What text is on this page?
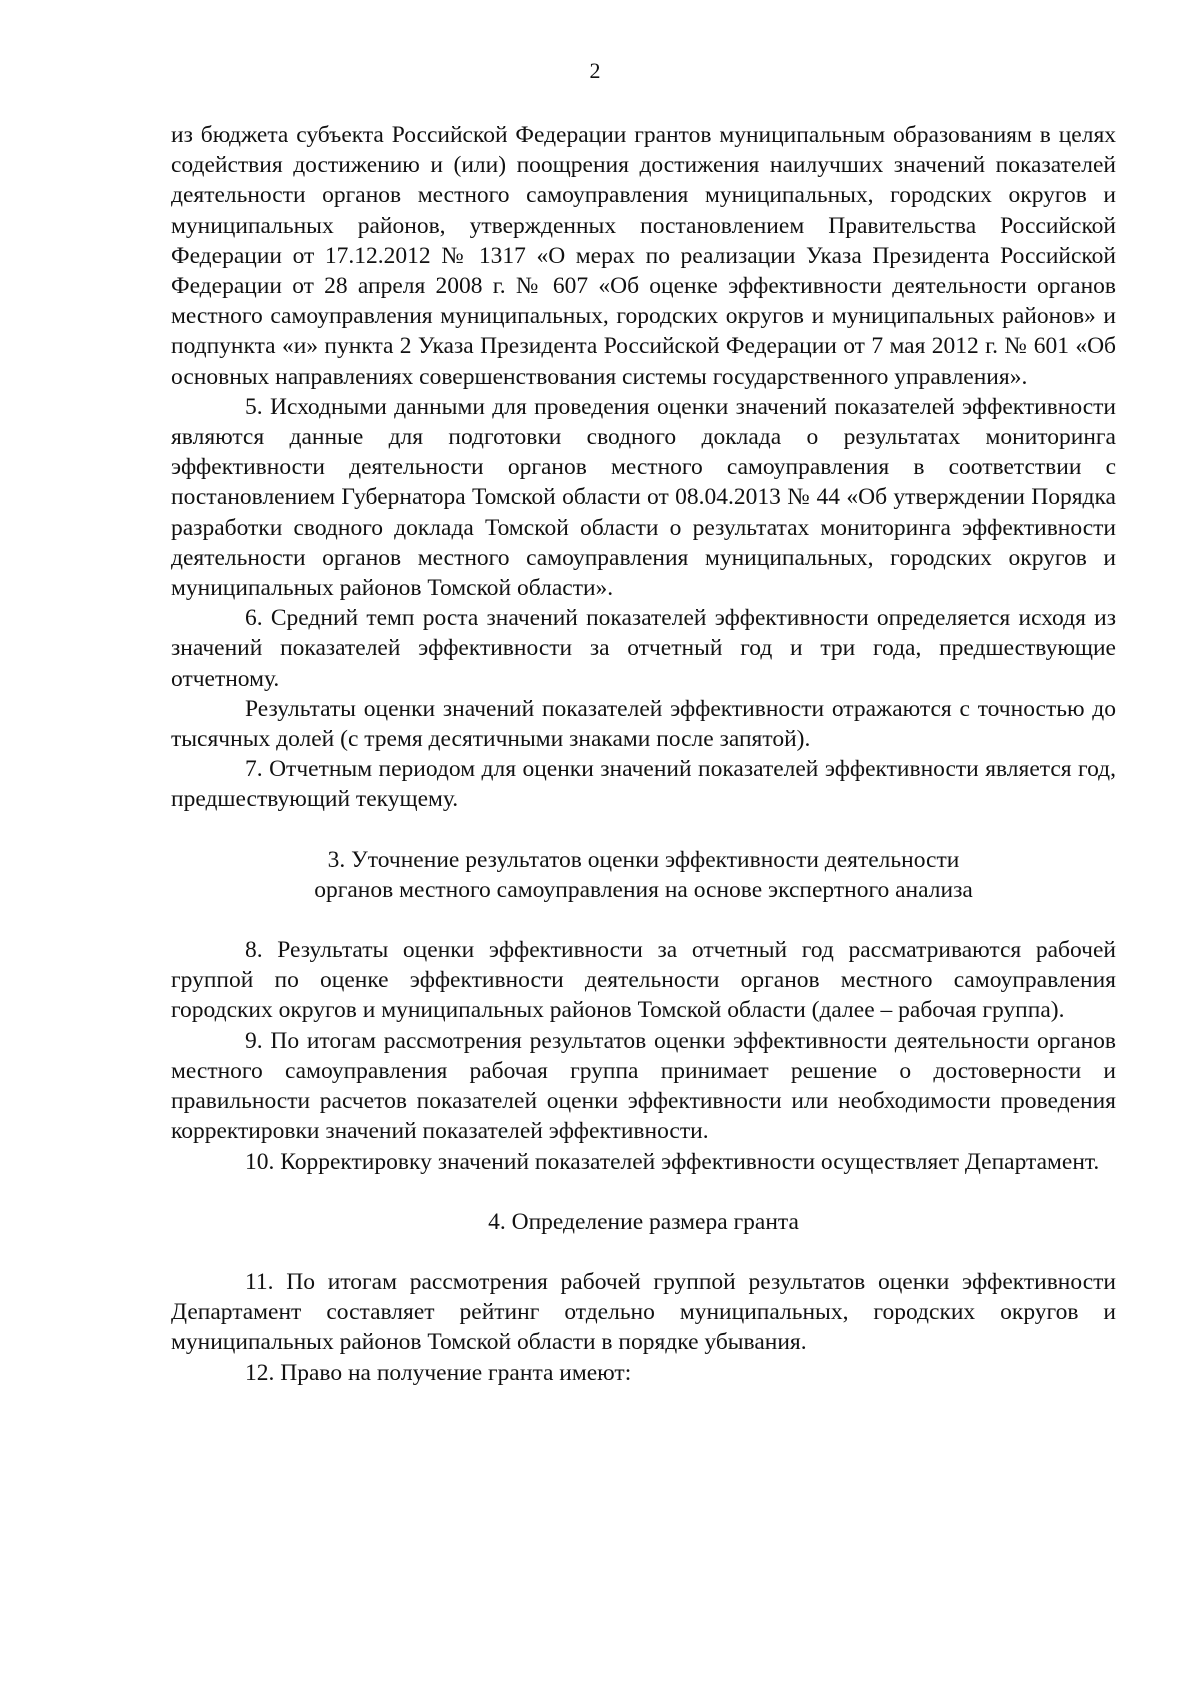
2

из бюджета субъекта Российской Федерации грантов муниципальным образованиям в целях содействия достижению и (или) поощрения достижения наилучших значений показателей деятельности органов местного самоуправления муниципальных, городских округов и муниципальных районов, утвержденных постановлением Правительства Российской Федерации от 17.12.2012 № 1317 «О мерах по реализации Указа Президента Российской Федерации от 28 апреля 2008 г. № 607 «Об оценке эффективности деятельности органов местного самоуправления муниципальных, городских округов и муниципальных районов» и подпункта «и» пункта 2 Указа Президента Российской Федерации от 7 мая 2012 г. № 601 «Об основных направлениях совершенствования системы государственного управления».

5. Исходными данными для проведения оценки значений показателей эффективности являются данные для подготовки сводного доклада о результатах мониторинга эффективности деятельности органов местного самоуправления в соответствии с постановлением Губернатора Томской области от 08.04.2013 № 44 «Об утверждении Порядка разработки сводного доклада Томской области о результатах мониторинга эффективности деятельности органов местного самоуправления муниципальных, городских округов и муниципальных районов Томской области».

6. Средний темп роста значений показателей эффективности определяется исходя из значений показателей эффективности за отчетный год и три года, предшествующие отчетному.

Результаты оценки значений показателей эффективности отражаются с точностью до тысячных долей (с тремя десятичными знаками после запятой).

7. Отчетным периодом для оценки значений показателей эффективности является год, предшествующий текущему.

3. Уточнение результатов оценки эффективности деятельности
органов местного самоуправления на основе экспертного анализа

8. Результаты оценки эффективности за отчетный год рассматриваются рабочей группой по оценке эффективности деятельности органов местного самоуправления городских округов и муниципальных районов Томской области (далее – рабочая группа).

9. По итогам рассмотрения результатов оценки эффективности деятельности органов местного самоуправления рабочая группа принимает решение о достоверности и правильности расчетов показателей оценки эффективности или необходимости проведения корректировки значений показателей эффективности.

10. Корректировку значений показателей эффективности осуществляет Департамент.

4. Определение размера гранта

11. По итогам рассмотрения рабочей группой результатов оценки эффективности Департамент составляет рейтинг отдельно муниципальных, городских округов и муниципальных районов Томской области в порядке убывания.

12. Право на получение гранта имеют:
